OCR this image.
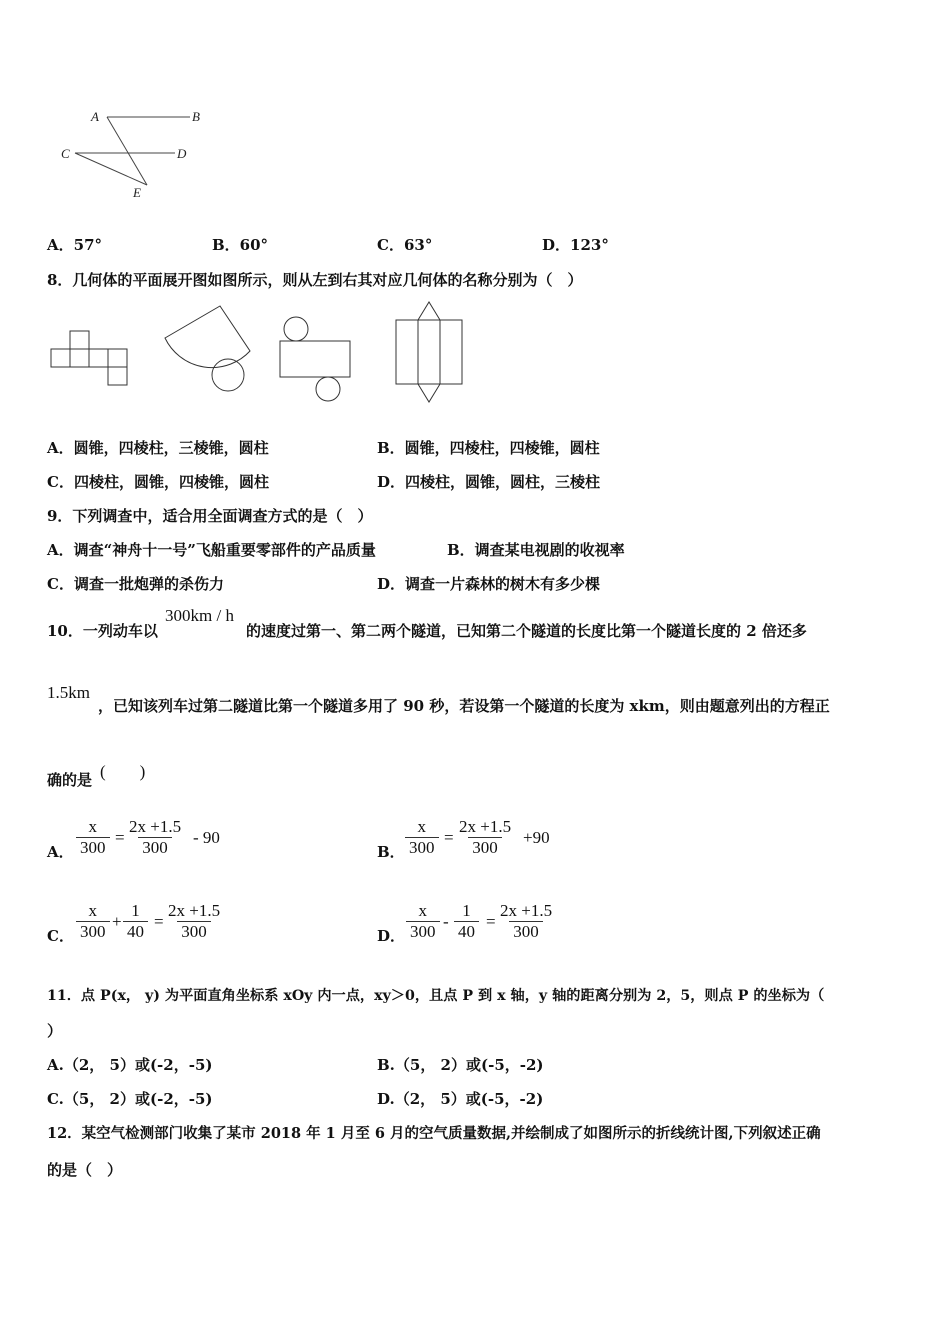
A	B
C	D
E
A．57°	B．60°	C．63°	D．123°
8．几何体的平面展开图如图所示，则从左到右其对应几何体的名称分别为（　）
A．圆锥，四棱柱，三棱锥，圆柱	B．圆锥，四棱柱，四棱锥，圆柱
C．四棱柱，圆锥，四棱锥，圆柱	D．四棱柱，圆锥，圆柱，三棱柱
9．下列调查中，适合用全面调查方式的是（　）
A．调查“神舟十一号”飞船重要零部件的产品质量	B．调查某电视剧的收视率
C．调查一批炮弹的杀伤力	D．调查一片森林的树木有多少棵
10．一列动车以
300km / h
的速度过第一、第二两个隧道，已知第二个隧道的长度比第一个隧道长度的 2 倍还多
1.5km
，已知该列车过第二隧道比第一个隧道多用了 90 秒，若设第一个隧道的长度为 xkm，则由题意列出的方程正
确的是 (　　)
A． $\frac{x}{300} = \frac{2x +1.5}{300} - 90$
B． $\frac{x}{300} = \frac{2x +1.5}{300} +90$
C． $\frac{x}{300} + \frac{1}{40} = \frac{2x +1.5}{300}$	D． $\frac{x}{300} - \frac{1}{40} = \frac{2x +1.5}{300}$
11．点 P(x， y) 为平面直角坐标系 xOy 内一点，xy＞0，且点 P 到 x 轴，y 轴的距离分别为 2，5，则点 P 的坐标为（
）
A.（2， 5）或(-2，-5)	B.（5， 2）或(-5，-2)
C.（5， 2）或(-2，-5)	D.（2， 5）或(-5，-2)
12．某空气检测部门收集了某市 2018 年 1 月至 6 月的空气质量数据,并绘制成了如图所示的折线统计图,下列叙述正确
的是（　）
